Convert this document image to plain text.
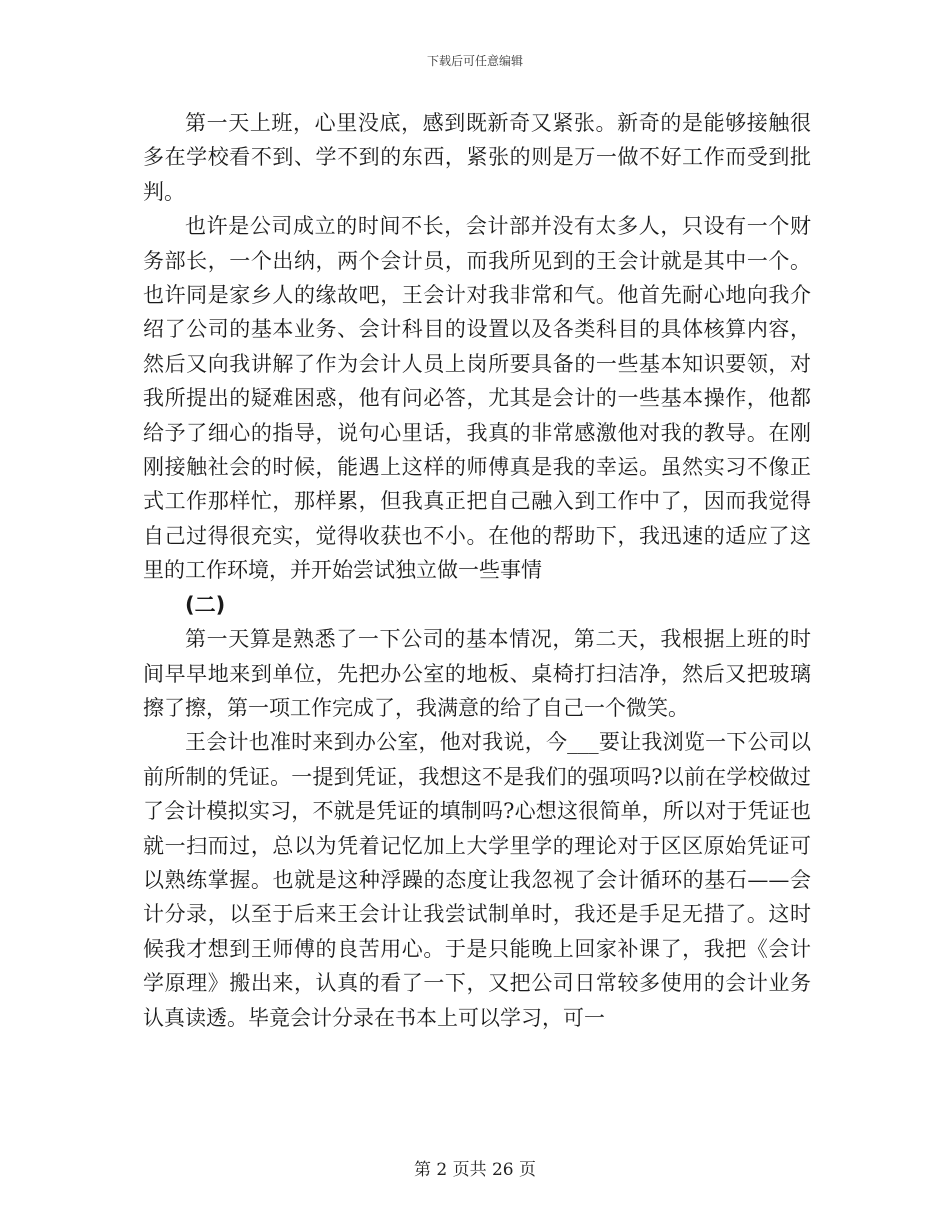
下载后可任意编辑

第一天上班，心里没底，感到既新奇又紧张。新奇的是能够接触很多在学校看不到、学不到的东西，紧张的则是万一做不好工作而受到批判。

也许是公司成立的时间不长，会计部并没有太多人，只设有一个财务部长，一个出纳，两个会计员，而我所见到的王会计就是其中一个。也许同是家乡人的缘故吧，王会计对我非常和气。他首先耐心地向我介绍了公司的基本业务、会计科目的设置以及各类科目的具体核算内容，然后又向我讲解了作为会计人员上岗所要具备的一些基本知识要领，对我所提出的疑难困惑，他有问必答，尤其是会计的一些基本操作，他都给予了细心的指导，说句心里话，我真的非常感激他对我的教导。在刚刚接触社会的时候，能遇上这样的师傅真是我的幸运。虽然实习不像正式工作那样忙，那样累，但我真正把自己融入到工作中了，因而我觉得自己过得很充实，觉得收获也不小。在他的帮助下，我迅速的适应了这里的工作环境，并开始尝试独立做一些事情

(二)

第一天算是熟悉了一下公司的基本情况，第二天，我根据上班的时间早早地来到单位，先把办公室的地板、桌椅打扫洁净，然后又把玻璃擦了擦，第一项工作完成了，我满意的给了自己一个微笑。

王会计也准时来到办公室，他对我说，今___要让我浏览一下公司以前所制的凭证。一提到凭证，我想这不是我们的强项吗?以前在学校做过了会计模拟实习，不就是凭证的填制吗?心想这很简单，所以对于凭证也就一扫而过，总以为凭着记忆加上大学里学的理论对于区区原始凭证可以熟练掌握。也就是这种浮躁的态度让我忽视了会计循环的基石——会计分录，以至于后来王会计让我尝试制单时，我还是手足无措了。这时候我才想到王师傅的良苦用心。于是只能晚上回家补课了，我把《会计学原理》搬出来，认真的看了一下，又把公司日常较多使用的会计业务认真读透。毕竟会计分录在书本上可以学习，可一

第 2 页共 26 页
